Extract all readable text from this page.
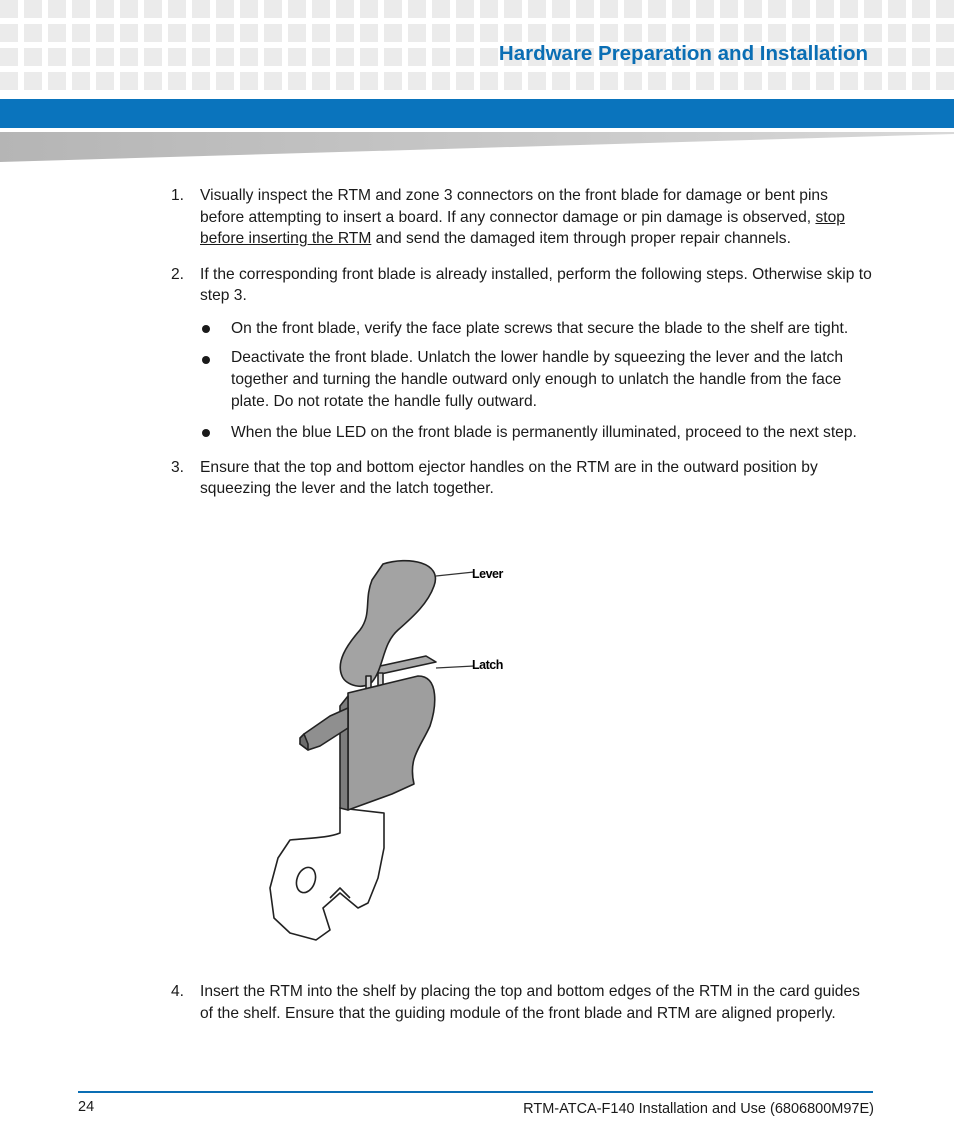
Hardware Preparation and Installation
1.	Visually inspect the RTM and zone 3 connectors on the front blade for damage or bent pins before attempting to insert a board. If any connector damage or pin damage is observed, stop before inserting the RTM and send the damaged item through proper repair channels.
2.	If the corresponding front blade is already installed, perform the following steps. Otherwise skip to step 3.
On the front blade, verify the face plate screws that secure the blade to the shelf are tight.
Deactivate the front blade. Unlatch the lower handle by squeezing the lever and the latch together and turning the handle outward only enough to unlatch the handle from the face plate. Do not rotate the handle fully outward.
When the blue LED on the front blade is permanently illuminated, proceed to the next step.
3.	Ensure that the top and bottom ejector handles on the RTM are in the outward position by squeezing the lever and the latch together.
Lever
Latch
4.	Insert the RTM into the shelf by placing the top and bottom edges of the RTM in the card guides of the shelf. Ensure that the guiding module of the front blade and RTM are aligned properly.
24	RTM-ATCA-F140 Installation and Use (6806800M97E)
